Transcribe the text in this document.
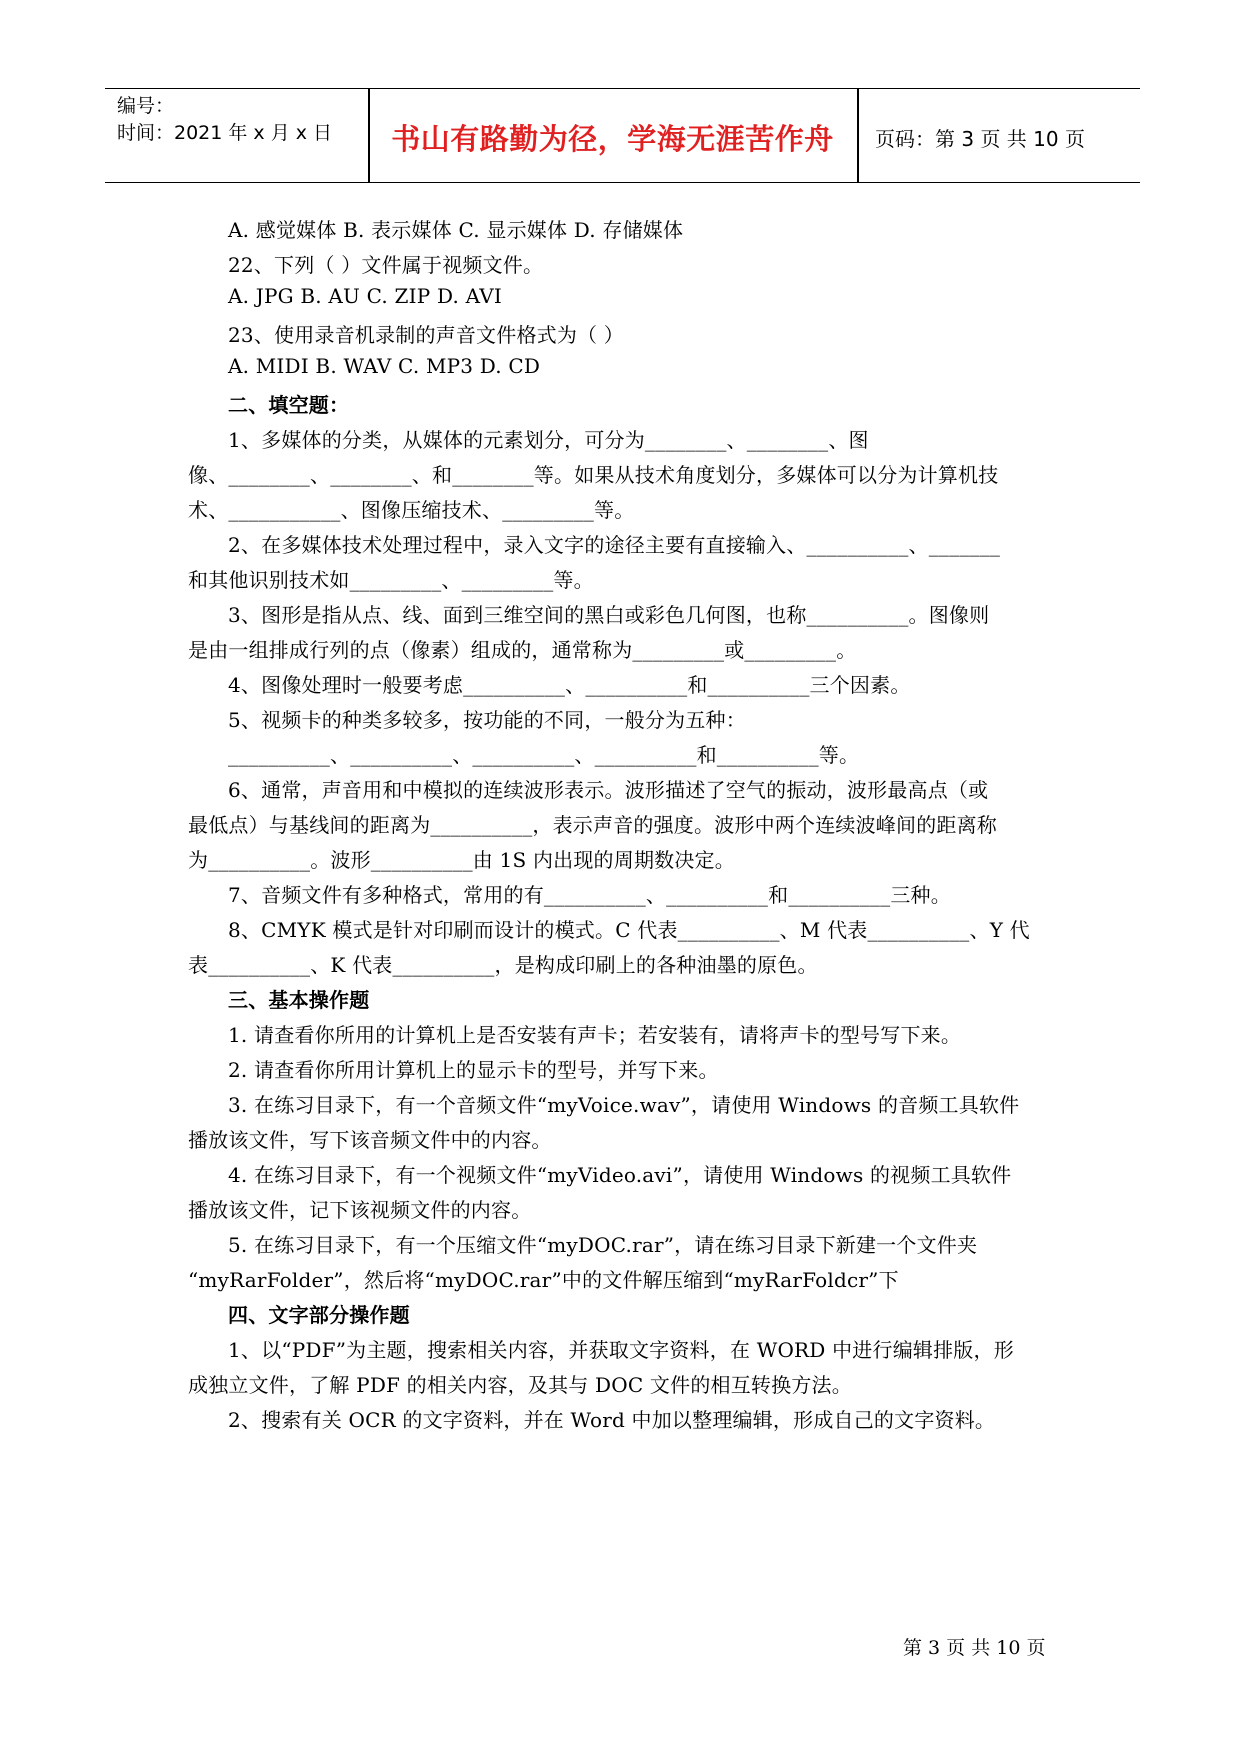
编号：
时间：2021 年 x 月 x 日	书山有路勤为径，学海无涯苦作舟	页码：第 3 页 共 10 页
A. 感觉媒体 B. 表示媒体 C. 显示媒体 D. 存储媒体
22、下列（ ）文件属于视频文件。
A. JPG B. AU C. ZIP D. AVI
23、使用录音机录制的声音文件格式为（ ）
A. MIDI B. WAV C. MP3 D. CD
二、填空题：
1、多媒体的分类，从媒体的元素划分，可分为________、________、图
像、________、________、和________等。如果从技术角度划分，多媒体可以分为计算机技
术、___________、图像压缩技术、_________等。
2、在多媒体技术处理过程中，录入文字的途径主要有直接输入、__________、_______
和其他识别技术如_________、_________等。
3、图形是指从点、线、面到三维空间的黑白或彩色几何图，也称__________。图像则
是由一组排成行列的点（像素）组成的，通常称为_________或_________。
4、图像处理时一般要考虑__________、__________和__________三个因素。
5、视频卡的种类多较多，按功能的不同，一般分为五种：
__________、__________、__________、__________和__________等。
6、通常，声音用和中模拟的连续波形表示。波形描述了空气的振动，波形最高点（或
最低点）与基线间的距离为__________，表示声音的强度。波形中两个连续波峰间的距离称
为__________。波形__________由 1S 内出现的周期数决定。
7、音频文件有多种格式，常用的有__________、__________和__________三种。
8、CMYK 模式是针对印刷而设计的模式。C 代表__________、M 代表__________、Y 代
表__________、K 代表__________，是构成印刷上的各种油墨的原色。
三、基本操作题
1. 请查看你所用的计算机上是否安装有声卡；若安装有，请将声卡的型号写下来。
2. 请查看你所用计算机上的显示卡的型号，并写下来。
3. 在练习目录下，有一个音频文件“myVoice.wav”，请使用 Windows 的音频工具软件
播放该文件，写下该音频文件中的内容。
4. 在练习目录下，有一个视频文件“myVideo.avi”，请使用 Windows 的视频工具软件
播放该文件，记下该视频文件的内容。
5. 在练习目录下，有一个压缩文件“myDOC.rar”，请在练习目录下新建一个文件夹
“myRarFolder”，然后将“myDOC.rar”中的文件解压缩到“myRarFoldcr”下
四、文字部分操作题
1、以“PDF”为主题，搜索相关内容，并获取文字资料，在 WORD 中进行编辑排版，形
成独立文件，了解 PDF 的相关内容，及其与 DOC 文件的相互转换方法。
2、搜索有关 OCR 的文字资料，并在 Word 中加以整理编辑，形成自己的文字资料。
第 3 页 共 10 页
